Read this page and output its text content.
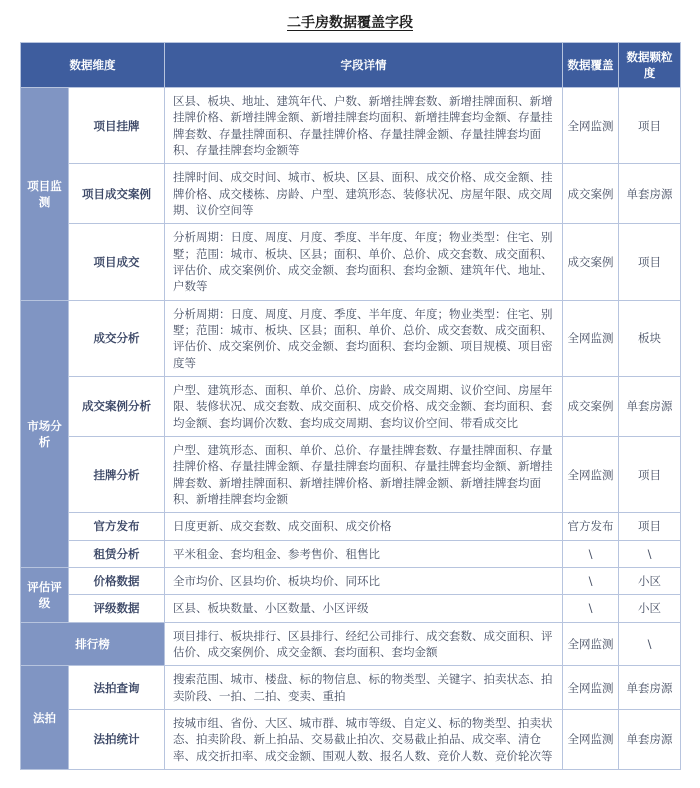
二手房数据覆盖字段
数据维度		字段详情	数据覆盖	数据颗粒度
项目监测	项目挂牌	区县、板块、地址、建筑年代、户数、新增挂牌套数、新增挂牌面积、新增挂牌价格、新增挂牌金额、新增挂牌套均面积、新增挂牌套均金额、存量挂牌套数、存量挂牌面积、存量挂牌价格、存量挂牌金额、存量挂牌套均面积、存量挂牌套均金额等	全网监测	项目
	项目成交案例	挂牌时间、成交时间、城市、板块、区县、面积、成交价格、成交金额、挂牌价格、成交楼栋、房龄、户型、建筑形态、装修状况、房屋年限、成交周期、议价空间等	成交案例	单套房源
	项目成交	分析周期：日度、周度、月度、季度、半年度、年度；物业类型：住宅、别墅；范围：城市、板块、区县；面积、单价、总价、成交套数、成交面积、评估价、成交案例价、成交金额、套均面积、套均金额、建筑年代、地址、户数等	成交案例	项目
市场分析	成交分析	分析周期：日度、周度、月度、季度、半年度、年度；物业类型：住宅、别墅；范围：城市、板块、区县；面积、单价、总价、成交套数、成交面积、评估价、成交案例价、成交金额、套均面积、套均金额、项目规模、项目密度等	全网监测	板块
	成交案例分析	户型、建筑形态、面积、单价、总价、房龄、成交周期、议价空间、房屋年限、装修状况、成交套数、成交面积、成交价格、成交金额、套均面积、套均金额、套均调价次数、套均成交周期、套均议价空间、带看成交比	成交案例	单套房源
	挂牌分析	户型、建筑形态、面积、单价、总价、存量挂牌套数、存量挂牌面积、存量挂牌价格、存量挂牌金额、存量挂牌套均面积、存量挂牌套均金额、新增挂牌套数、新增挂牌面积、新增挂牌价格、新增挂牌金额、新增挂牌套均面积、新增挂牌套均金额	全网监测	项目
	官方发布	日度更新、成交套数、成交面积、成交价格	官方发布	项目
	租赁分析	平米租金、套均租金、参考售价、租售比	\	\
评估评级	价格数据	全市均价、区县均价、板块均价、同环比	\	小区
	评级数据	区县、板块数量、小区数量、小区评级	\	小区
排行榜		项目排行、板块排行、区县排行、经纪公司排行、成交套数、成交面积、评估价、成交案例价、成交金额、套均面积、套均金额	全网监测	\
法拍	法拍查询	搜索范围、城市、楼盘、标的物信息、标的物类型、关键字、拍卖状态、拍卖阶段、一拍、二拍、变卖、重拍	全网监测	单套房源
	法拍统计	按城市组、省份、大区、城市群、城市等级、自定义、标的物类型、拍卖状态、拍卖阶段、新上拍品、交易截止拍次、交易截止拍品、成交率、清仓率、成交折扣率、成交金额、围观人数、报名人数、竞价人数、竞价轮次等	全网监测	单套房源
